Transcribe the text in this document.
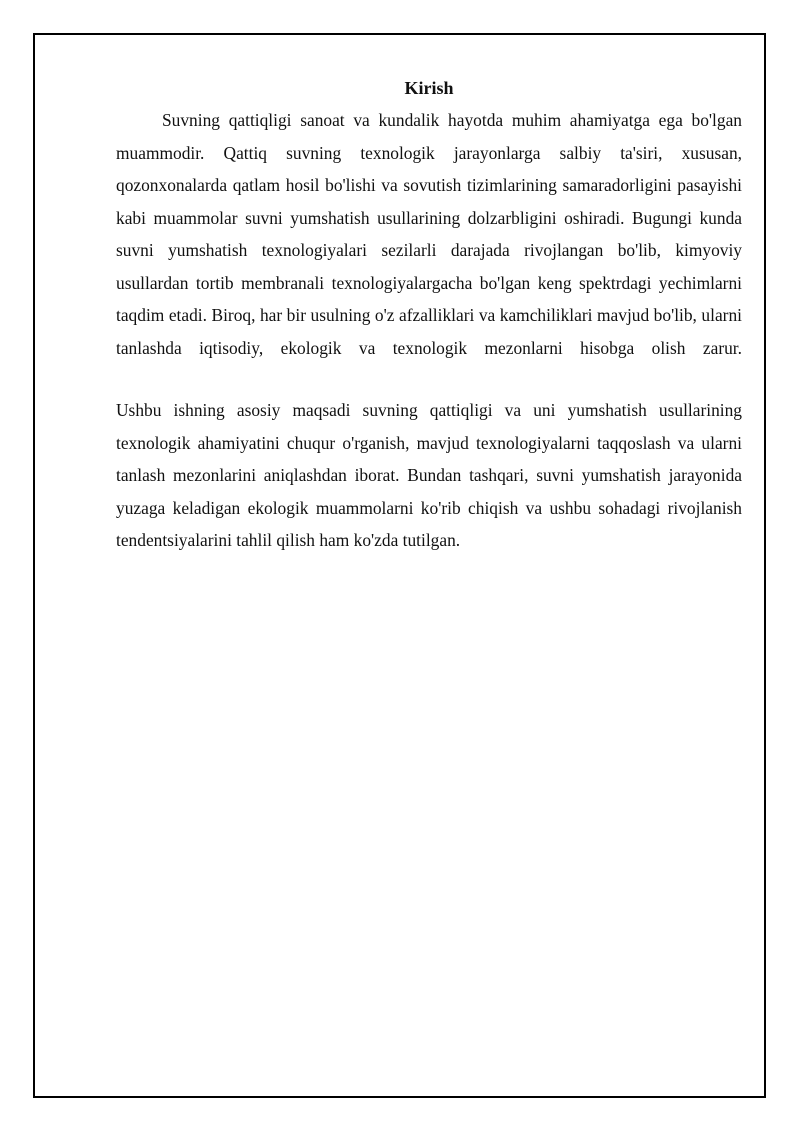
Kirish

Suvning qattiqligi sanoat va kundalik hayotda muhim ahamiyatga ega bo'lgan muammodir. Qattiq suvning texnologik jarayonlarga salbiy ta'siri, xususan, qozonxonalarda qatlam hosil bo'lishi va sovutish tizimlarining samaradorligini pasayishi kabi muammolar suvni yumshatish usullarining dolzarbligini oshiradi. Bugungi kunda suvni yumshatish texnologiyalari sezilarli darajada rivojlangan bo'lib, kimyoviy usullardan tortib membranali texnologiyalargacha bo'lgan keng spektrdagi yechimlarni taqdim etadi. Biroq, har bir usulning o'z afzalliklari va kamchiliklari mavjud bo'lib, ularni tanlashda iqtisodiy, ekologik va texnologik mezonlarni hisobga olish zarur.

Ushbu ishning asosiy maqsadi suvning qattiqligi va uni yumshatish usullarining texnologik ahamiyatini chuqur o'rganish, mavjud texnologiyalarni taqqoslash va ularni tanlash mezonlarini aniqlashdan iborat. Bundan tashqari, suvni yumshatish jarayonida yuzaga keladigan ekologik muammolarni ko'rib chiqish va ushbu sohadagi rivojlanish tendentsiyalarini tahlil qilish ham ko'zda tutilgan.
